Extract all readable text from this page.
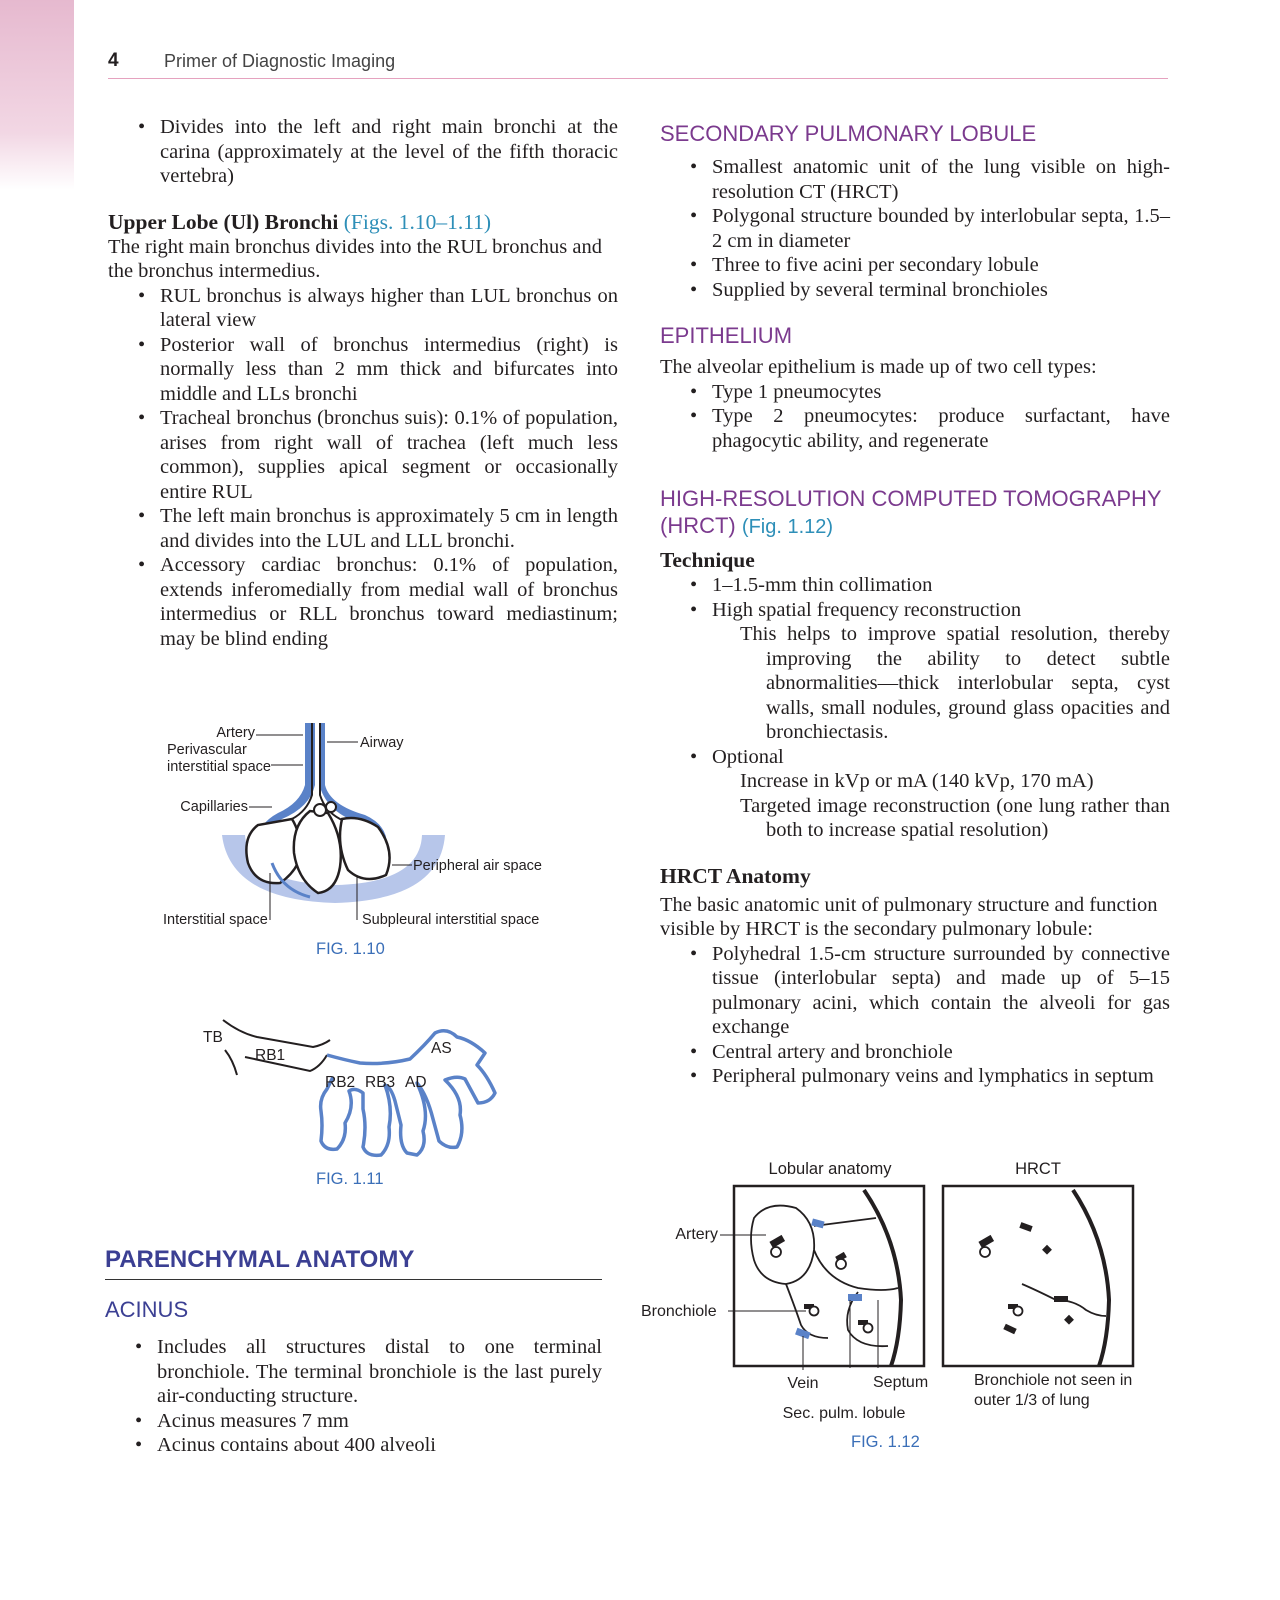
4	Primer of Diagnostic Imaging
• Divides into the left and right main bronchi at the carina (approximately at the level of the fifth thoracic vertebra)

Upper Lobe (Ul) Bronchi (Figs. 1.10–1.11)

The right main bronchus divides into the RUL bronchus and the bronchus intermedius.

• RUL bronchus is always higher than LUL bronchus on lateral view
• Posterior wall of bronchus intermedius (right) is normally less than 2 mm thick and bifurcates into middle and LLs bronchi
• Tracheal bronchus (bronchus suis): 0.1% of population, arises from right wall of trachea (left much less common), supplies apical segment or occasionally entire RUL
• The left main bronchus is approximately 5 cm in length and divides into the LUL and LLL bronchi.
• Accessory cardiac bronchus: 0.1% of population, extends inferomedially from medial wall of bronchus intermedius or RLL bronchus toward mediastinum; may be blind ending
Artery
Perivascular
interstitial space
Airway
Capillaries
Peripheral air space
Interstitial space	Subpleural interstitial space
FIG. 1.10
TB
RB1	AS
RB2 RB3 AD
FIG. 1.11

PARENCHYMAL ANATOMY

ACINUS

• Includes all structures distal to one terminal bronchiole. The terminal bronchiole is the last purely air-conducting structure.
• Acinus measures 7 mm
• Acinus contains about 400 alveoli

SECONDARY PULMONARY LOBULE

• Smallest anatomic unit of the lung visible on high-resolution CT (HRCT)
• Polygonal structure bounded by interlobular septa, 1.5–2 cm in diameter
• Three to five acini per secondary lobule
• Supplied by several terminal bronchioles

EPITHELIUM

The alveolar epithelium is made up of two cell types:

• Type 1 pneumocytes
• Type 2 pneumocytes: produce surfactant, have phagocytic ability, and regenerate

HIGH-RESOLUTION COMPUTED TOMOGRAPHY
(HRCT) (Fig. 1.12)

Technique

• 1–1.5-mm thin collimation
• High spatial frequency reconstruction
This helps to improve spatial resolution, thereby improving the ability to detect subtle abnormalities—thick interlobular septa, cyst walls, small nodules, ground glass opacities and bronchiectasis.
• Optional
Increase in kVp or mA (140 kVp, 170 mA)
Targeted image reconstruction (one lung rather than both to increase spatial resolution)

HRCT Anatomy

The basic anatomic unit of pulmonary structure and function visible by HRCT is the secondary pulmonary lobule:

• Polyhedral 1.5-cm structure surrounded by connective tissue (interlobular septa) and made up of 5–15 pulmonary acini, which contain the alveoli for gas exchange
• Central artery and bronchiole
• Peripheral pulmonary veins and lymphatics in septum
Lobular anatomy	HRCT
Artery
Bronchiole
Vein	Septum
Sec. pulm. lobule
Bronchiole not seen in
outer 1/3 of lung
FIG. 1.12
